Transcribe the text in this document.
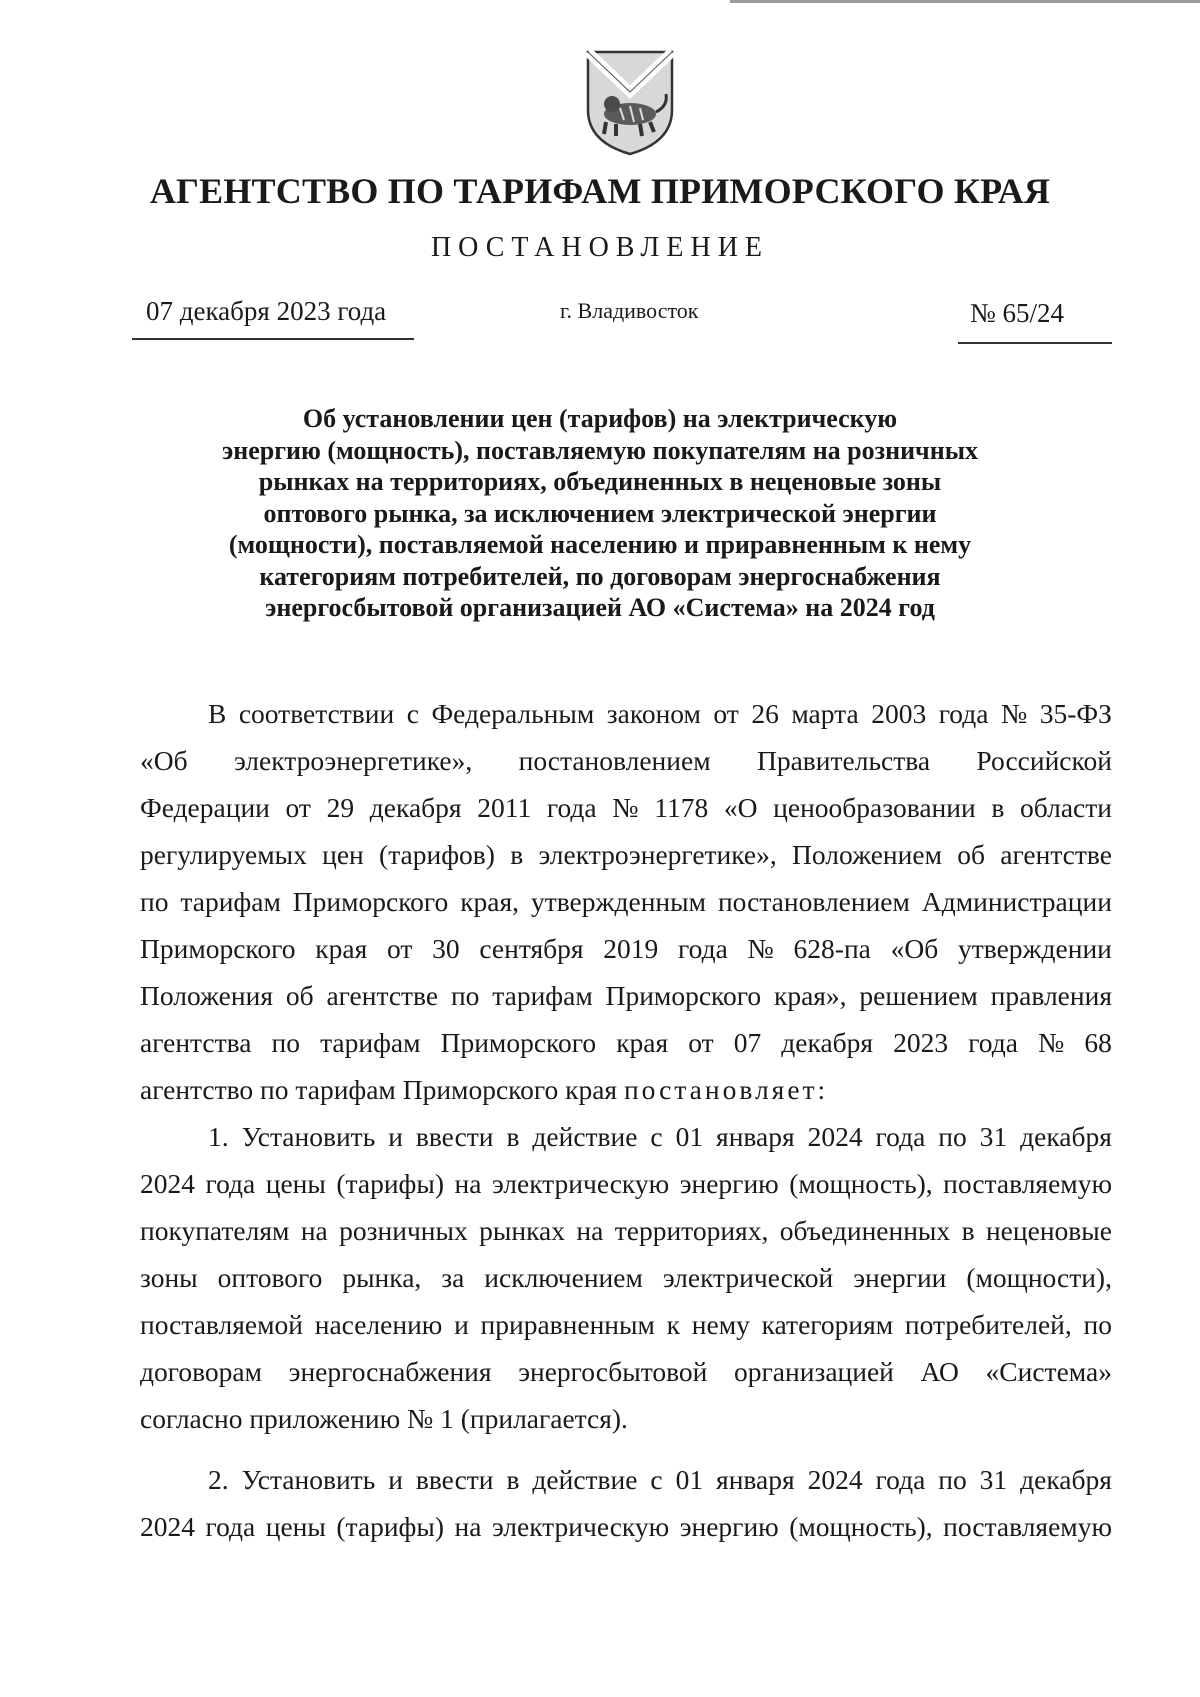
АГЕНТСТВО ПО ТАРИФАМ ПРИМОРСКОГО КРАЯ
ПОСТАНОВЛЕНИЕ
07 декабря 2023 года	г. Владивосток	№ 65/24
Об установлении цен (тарифов) на электрическую
энергию (мощность), поставляемую покупателям на розничных
рынках на территориях, объединенных в неценовые зоны
оптового рынка, за исключением электрической энергии
(мощности), поставляемой населению и приравненным к нему
категориям потребителей, по договорам энергоснабжения
энергосбытовой организацией АО «Система» на 2024 год
В соответствии с Федеральным законом от 26 марта 2003 года № 35-ФЗ
«Об электроэнергетике», постановлением Правительства Российской
Федерации от 29 декабря 2011 года № 1178 «О ценообразовании в области
регулируемых цен (тарифов) в электроэнергетике», Положением об агентстве
по тарифам Приморского края, утвержденным постановлением Администрации
Приморского края от 30 сентября 2019 года № 628-па «Об утверждении
Положения об агентстве по тарифам Приморского края», решением правления
агентства по тарифам Приморского края от 07 декабря 2023 года № 68
агентство по тарифам Приморского края
постановляет:
1. Установить и ввести в действие с 01 января 2024 года по 31 декабря
2024 года цены (тарифы) на электрическую энергию (мощность), поставляемую
покупателям на розничных рынках на территориях, объединенных в неценовые
зоны оптового рынка, за исключением электрической энергии (мощности),
поставляемой населению и приравненным к нему категориям потребителей, по
договорам энергоснабжения энергосбытовой организацией АО «Система»
согласно приложению № 1 (прилагается).
2. Установить и ввести в действие с 01 января 2024 года по 31 декабря
2024 года цены (тарифы) на электрическую энергию (мощность), поставляемую
